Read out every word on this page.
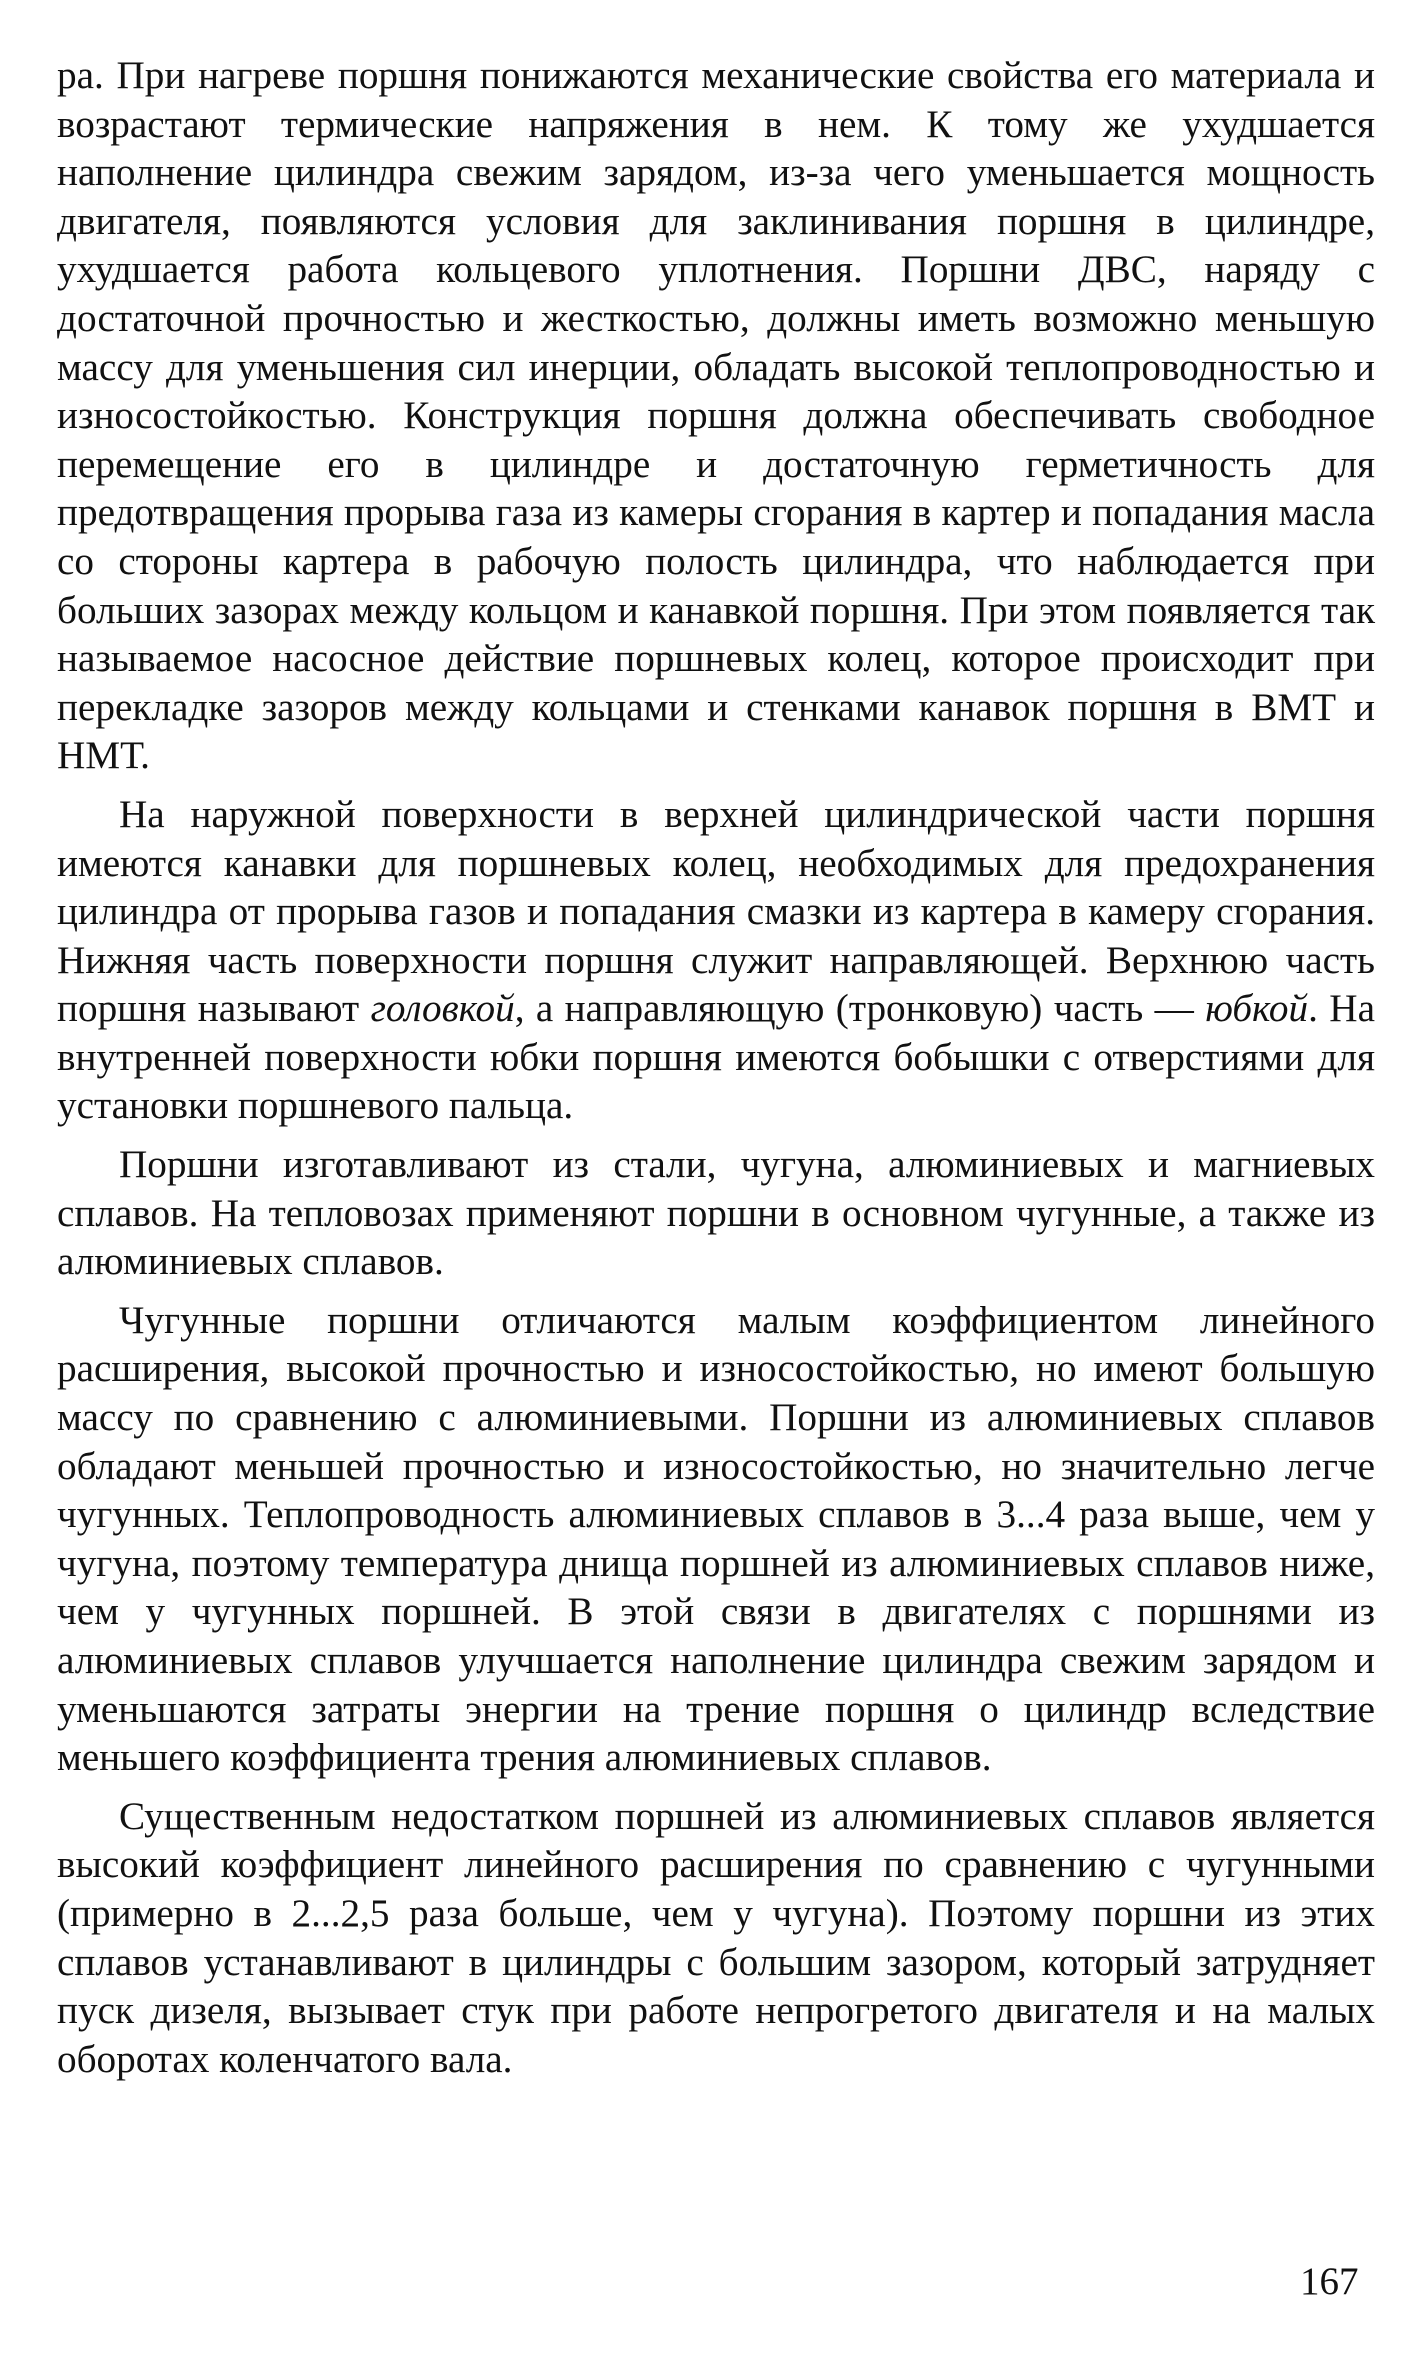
ра. При нагреве поршня понижаются механические свойства его материала и возрастают термические напряжения в нем. К тому же ухудшается наполнение цилиндра свежим зарядом, из-за чего уменьшается мощность двигателя, появляются условия для заклинивания поршня в цилиндре, ухудшается работа кольцевого уплотнения. Поршни ДВС, наряду с достаточной прочностью и жесткостью, должны иметь возможно меньшую массу для уменьшения сил инерции, обладать высокой теплопроводностью и износостойкостью. Конструкция поршня должна обеспечивать свободное перемещение его в цилиндре и достаточную герметичность для предотвращения прорыва газа из камеры сгорания в картер и попадания масла со стороны картера в рабочую полость цилиндра, что наблюдается при больших зазорах между кольцом и канавкой поршня. При этом появляется так называемое насосное действие поршневых колец, которое происходит при перекладке зазоров между кольцами и стенками канавок поршня в ВМТ и НМТ.

На наружной поверхности в верхней цилиндрической части поршня имеются канавки для поршневых колец, необходимых для предохранения цилиндра от прорыва газов и попадания смазки из картера в камеру сгорания. Нижняя часть поверхности поршня служит направляющей. Верхнюю часть поршня называют головкой, а направляющую (тронковую) часть — юбкой. На внутренней поверхности юбки поршня имеются бобышки с отверстиями для установки поршневого пальца.

Поршни изготавливают из стали, чугуна, алюминиевых и магниевых сплавов. На тепловозах применяют поршни в основном чугунные, а также из алюминиевых сплавов.

Чугунные поршни отличаются малым коэффициентом линейного расширения, высокой прочностью и износостойкостью, но имеют большую массу по сравнению с алюминиевыми. Поршни из алюминиевых сплавов обладают меньшей прочностью и износостойкостью, но значительно легче чугунных. Теплопроводность алюминиевых сплавов в 3...4 раза выше, чем у чугуна, поэтому температура днища поршней из алюминиевых сплавов ниже, чем у чугунных поршней. В этой связи в двигателях с поршнями из алюминиевых сплавов улучшается наполнение цилиндра свежим зарядом и уменьшаются затраты энергии на трение поршня о цилиндр вследствие меньшего коэффициента трения алюминиевых сплавов.

Существенным недостатком поршней из алюминиевых сплавов является высокий коэффициент линейного расширения по сравнению с чугунными (примерно в 2...2,5 раза больше, чем у чугуна). Поэтому поршни из этих сплавов устанавливают в цилиндры с большим зазором, который затрудняет пуск дизеля, вызывает стук при работе непрогретого двигателя и на малых оборотах коленчатого вала.

167
